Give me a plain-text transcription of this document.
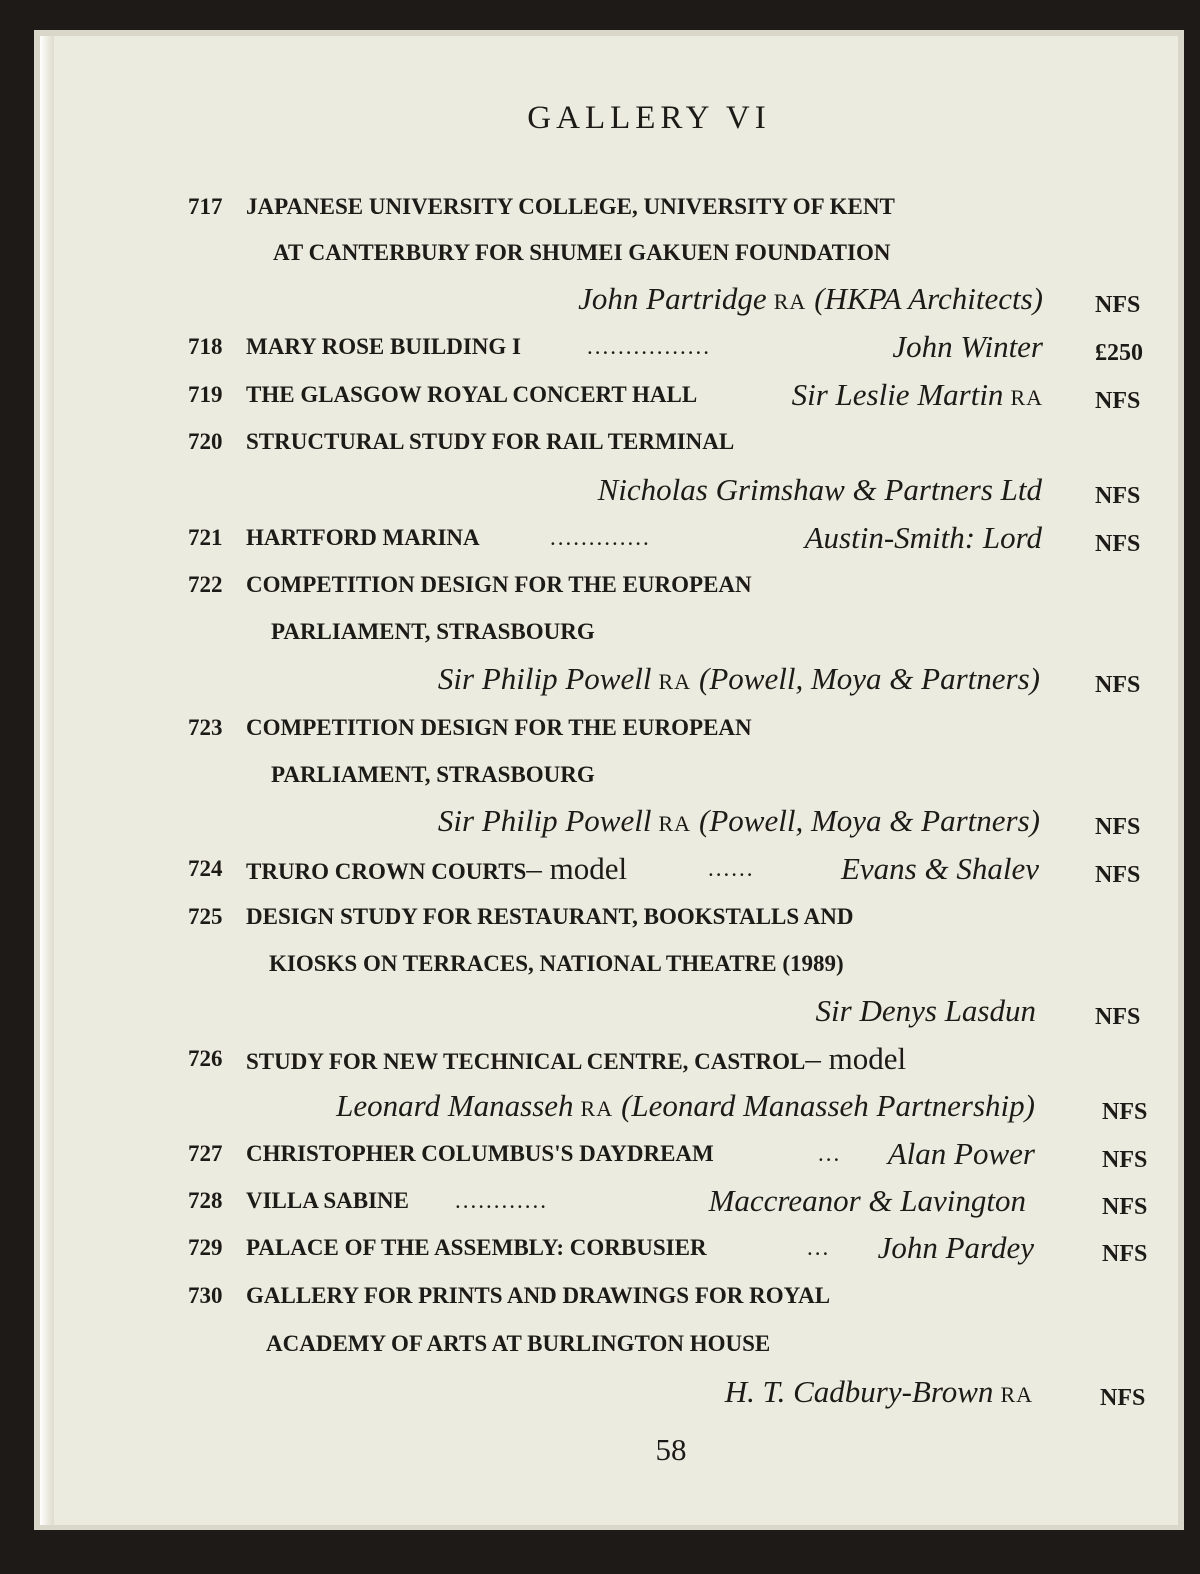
GALLERY VI
717 JAPANESE UNIVERSITY COLLEGE, UNIVERSITY OF KENT
AT CANTERBURY FOR SHUMEI GAKUEN FOUNDATION
John Partridge RA (HKPA Architects) NFS
718 MARY ROSE BUILDING I	................	John Winter £250
719 THE GLASGOW ROYAL CONCERT HALL	Sir Leslie Martin RA NFS
720 STRUCTURAL STUDY FOR RAIL TERMINAL
Nicholas Grimshaw & Partners Ltd NFS
721 HARTFORD MARINA	.............	Austin-Smith: Lord NFS
722 COMPETITION DESIGN FOR THE EUROPEAN
PARLIAMENT, STRASBOURG
Sir Philip Powell RA (Powell, Moya & Partners) NFS
723 COMPETITION DESIGN FOR THE EUROPEAN
PARLIAMENT, STRASBOURG
Sir Philip Powell RA (Powell, Moya & Partners) NFS
724 TRURO CROWN COURTS– model	......	Evans & Shalev NFS
725 DESIGN STUDY FOR RESTAURANT, BOOKSTALLS AND
KIOSKS ON TERRACES, NATIONAL THEATRE (1989)
Sir Denys Lasdun NFS
726 STUDY FOR NEW TECHNICAL CENTRE, CASTROL– model
Leonard Manasseh RA (Leonard Manasseh Partnership)	NFS
727 CHRISTOPHER COLUMBUS'S DAYDREAM	... Alan Power	NFS
728 VILLA SABINE ............	Maccreanor & Lavington	NFS
729 PALACE OF THE ASSEMBLY: CORBUSIER	... John Pardey	NFS
730 GALLERY FOR PRINTS AND DRAWINGS FOR ROYAL
ACADEMY OF ARTS AT BURLINGTON HOUSE
H. T. Cadbury-Brown RA	NFS
58
